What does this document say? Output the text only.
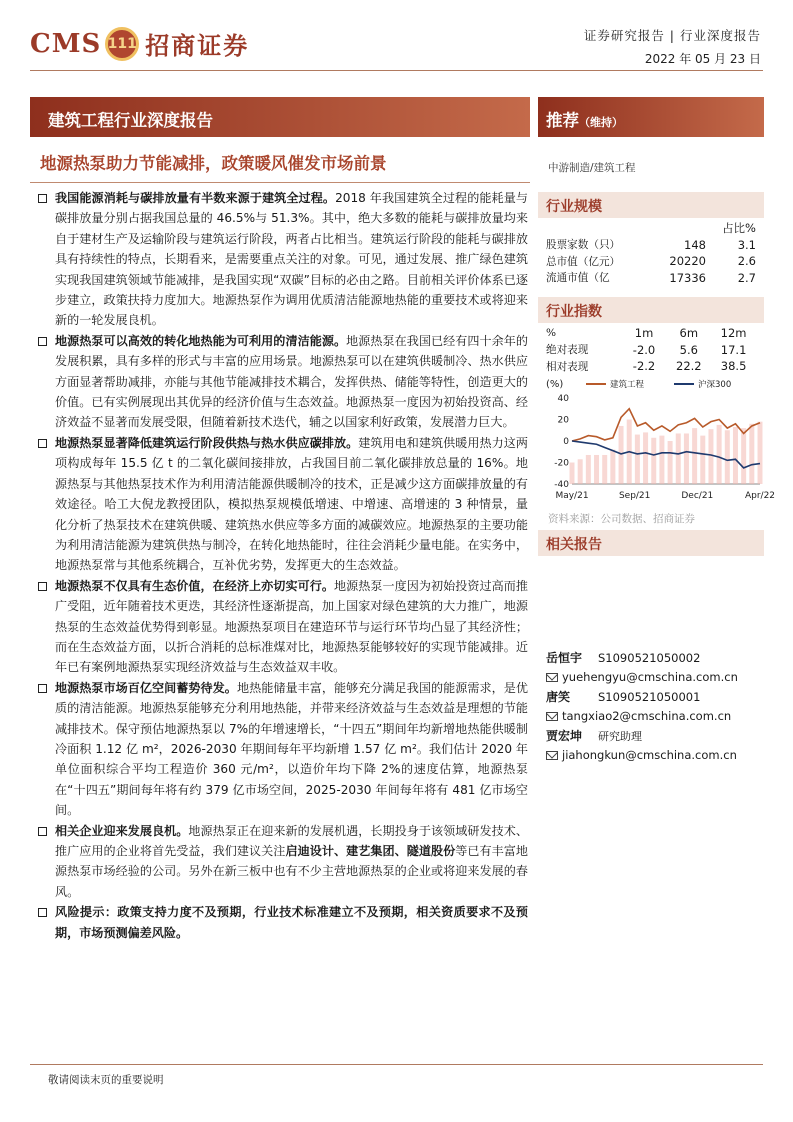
CMS 111 招商证券	证券研究报告 | 行业深度报告
2022 年 05 月 23 日
建筑工程行业深度报告	推荐（维持）
地源热泵助力节能减排，政策暖风催发市场前景
我国能源消耗与碳排放量有半数来源于建筑全过程。2018 年我国建筑全过程的能耗量与碳排放量分别占据我国总量的 46.5%与 51.3%。其中，绝大多数的能耗与碳排放量均来自于建材生产及运输阶段与建筑运行阶段，两者占比相当。建筑运行阶段的能耗与碳排放具有持续性的特点，长期看来，是需要重点关注的对象。可见，通过发展、推广绿色建筑实现我国建筑领域节能减排，是我国实现“双碳”目标的必由之路。目前相关评价体系已逐步建立，政策扶持力度加大。地源热泵作为调用优质清洁能源地热能的重要技术或将迎来新的一轮发展良机。
地源热泵可以高效的转化地热能为可利用的清洁能源。地源热泵在我国已经有四十余年的发展积累，具有多样的形式与丰富的应用场景。地源热泵可以在建筑供暖制冷、热水供应方面显著帮助减排，亦能与其他节能减排技术耦合，发挥供热、储能等特性，创造更大的价值。已有实例展现出其优异的经济价值与生态效益。地源热泵一度因为初始投资高、经济效益不显著而发展受限，但随着新技术迭代，辅之以国家利好政策，发展潜力巨大。
地源热泵显著降低建筑运行阶段供热与热水供应碳排放。建筑用电和建筑供暖用热力这两项构成每年 15.5 亿 t 的二氧化碳间接排放，占我国目前二氧化碳排放总量的 16%。地源热泵与其他热泵技术作为利用清洁能源供暖制冷的技术，正是减少这方面碳排放量的有效途径。哈工大倪龙教授团队，模拟热泵规模低增速、中增速、高增速的 3 种情景，量化分析了热泵技术在建筑供暖、建筑热水供应等多方面的减碳效应。地源热泵的主要功能为利用清洁能源为建筑供热与制冷，在转化地热能时，往往会消耗少量电能。在实务中，地源热泵常与其他系统耦合，互补优劣势，发挥更大的生态效益。
地源热泵不仅具有生态价值，在经济上亦切实可行。地源热泵一度因为初始投资过高而推广受阻，近年随着技术更迭，其经济性逐渐提高，加上国家对绿色建筑的大力推广，地源热泵的生态效益优势得到彰显。地源热泵项目在建造环节与运行环节均凸显了其经济性；而在生态效益方面，以折合消耗的总标准煤对比，地源热泵能够较好的实现节能减排。近年已有案例地源热泵实现经济效益与生态效益双丰收。
地源热泵市场百亿空间蓄势待发。地热能储量丰富，能够充分满足我国的能源需求，是优质的清洁能源。地源热泵能够充分利用地热能，并带来经济效益与生态效益是理想的节能减排技术。保守预估地源热泵以 7%的年增速增长，“十四五”期间年均新增地热能供暖制冷面积 1.12 亿 m²，2026-2030 年期间每年平均新增 1.57 亿 m²。我们估计 2020 年单位面积综合平均工程造价 360 元/m²，以造价年均下降 2%的速度估算，地源热泵在“十四五”期间每年将有约 379 亿市场空间，2025-2030 年间每年将有 481 亿市场空间。
相关企业迎来发展良机。地源热泵正在迎来新的发展机遇，长期投身于该领域研发技术、推广应用的企业将首先受益，我们建议关注启迪设计、建艺集团、隧道股份等已有丰富地源热泵市场经验的公司。另外在新三板中也有不少主营地源热泵的企业或将迎来发展的春风。
风险提示：政策支持力度不及预期，行业技术标准建立不及预期，相关资质要求不及预期，市场预测偏差风险。
中游制造/建筑工程
行业规模
占比%
股票家数（只）	148	3.1
总市值（亿元）	20220	2.6
流通市值（亿	17336	2.7
行业指数
%	1m	6m	12m
绝对表现	-2.0	5.6	17.1
相对表现	-2.2	22.2	38.5
(%)	建筑工程	沪深300
40
20
0
-20
-40
May/21	Sep/21	Dec/21	Apr/22
资料来源：公司数据、招商证券
相关报告
岳恒宇	S1090521050002
yuehengyu@cmschina.com.cn
唐笑	S1090521050001
tangxiao2@cmschina.com.cn
贾宏坤	研究助理
jiahongkun@cmschina.com.cn
敬请阅读末页的重要说明
